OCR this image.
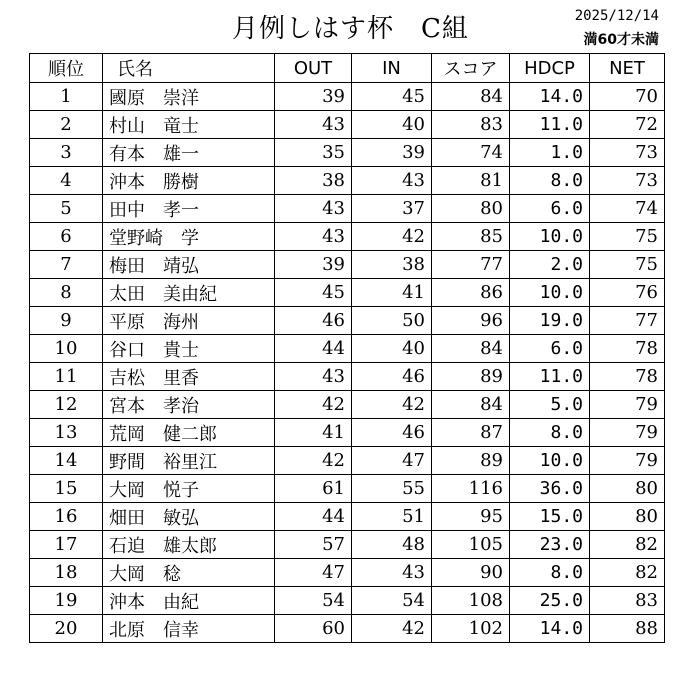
月例しはす杯　C組	2025/12/14
満60才未満
順位	氏名	OUT	IN	スコア	HDCP	NET
1	國原　崇洋	39	45	84	14.0	70
2	村山　竜士	43	40	83	11.0	72
3	有本　雄一	35	39	74	1.0	73
4	沖本　勝樹	38	43	81	8.0	73
5	田中　孝一	43	37	80	6.0	74
6	堂野崎　学	43	42	85	10.0	75
7	梅田　靖弘	39	38	77	2.0	75
8	太田　美由紀	45	41	86	10.0	76
9	平原　海州	46	50	96	19.0	77
10	谷口　貴士	44	40	84	6.0	78
11	吉松　里香	43	46	89	11.0	78
12	宮本　孝治	42	42	84	5.0	79
13	荒岡　健二郎	41	46	87	8.0	79
14	野間　裕里江	42	47	89	10.0	79
15	大岡　悦子	61	55	116	36.0	80
16	畑田　敏弘	44	51	95	15.0	80
17	石迫　雄太郎	57	48	105	23.0	82
18	大岡　稔	47	43	90	8.0	82
19	沖本　由紀	54	54	108	25.0	83
20	北原　信幸	60	42	102	14.0	88
